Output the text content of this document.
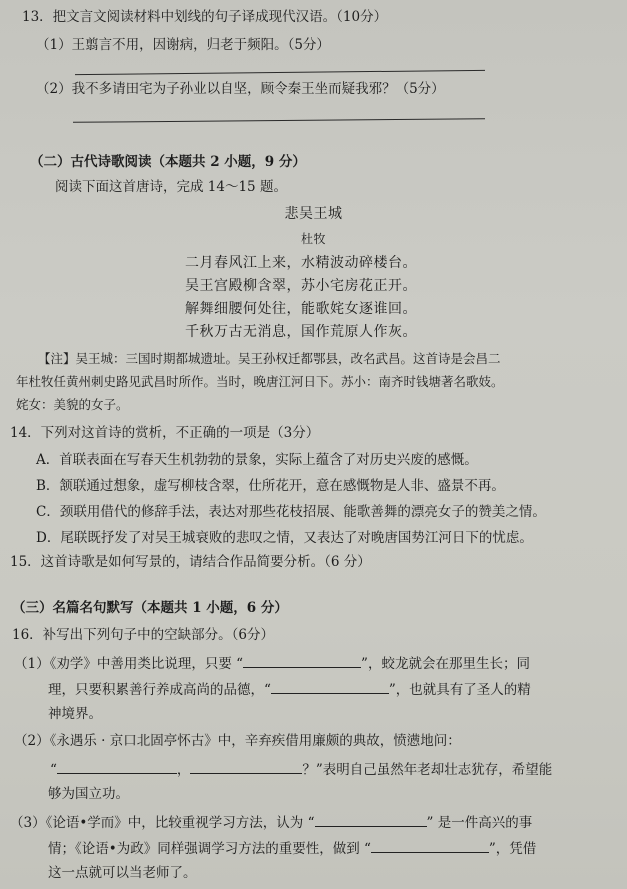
13．把文言文阅读材料中划线的句子译成现代汉语。（10分）
（1）王翦言不用，因谢病，归老于频阳。（5分）
（2）我不多请田宅为子孙业以自坚，顾令秦王坐而疑我邪？（5分）
（二）古代诗歌阅读（本题共 2 小题，9 分）
阅读下面这首唐诗，完成 14～15 题。
悲吴王城
杜牧
二月春风江上来，水精波动碎楼台。
吴王宫殿柳含翠，苏小宅房花正开。
解舞细腰何处往，能歌姹女逐谁回。
千秋万古无消息，国作荒原人作灰。
【注】吴王城：三国时期都城遗址。吴王孙权迁都鄂县，改名武昌。这首诗是会昌二
年杜牧任黄州刺史路见武昌时所作。当时，晚唐江河日下。苏小：南齐时钱塘著名歌妓。
姹女：美貌的女子。
14．下列对这首诗的赏析，不正确的一项是（3分）
A．首联表面在写春天生机勃勃的景象，实际上蕴含了对历史兴废的感慨。
B．颔联通过想象，虚写柳枝含翠，仕所花开，意在感慨物是人非、盛景不再。
C．颈联用借代的修辞手法，表达对那些花枝招展、能歌善舞的漂亮女子的赞美之情。
D．尾联既抒发了对吴王城衰败的悲叹之情，又表达了对晚唐国势江河日下的忧虑。
15．这首诗歌是如何写景的，请结合作品简要分析。（6 分）
（三）名篇名句默写（本题共 1 小题，6 分）
16．补写出下列句子中的空缺部分。（6分）
（1）《劝学》中善用类比说理，只要 “	”，蛟龙就会在那里生长；同
理，只要积累善行养成高尚的品德，“	”，也就具有了圣人的精
神境界。
（2）《永遇乐 · 京口北固亭怀古》中，辛弃疾借用廉颇的典故，愤懑地问：
“	，	？”表明自己虽然年老却壮志犹存，希望能
够为国立功。
（3）《论语•学而》中，比较重视学习方法，认为 “	” 是一件高兴的事
情；《论语•为政》同样强调学习方法的重要性，做到 “	”，凭借
这一点就可以当老师了。
